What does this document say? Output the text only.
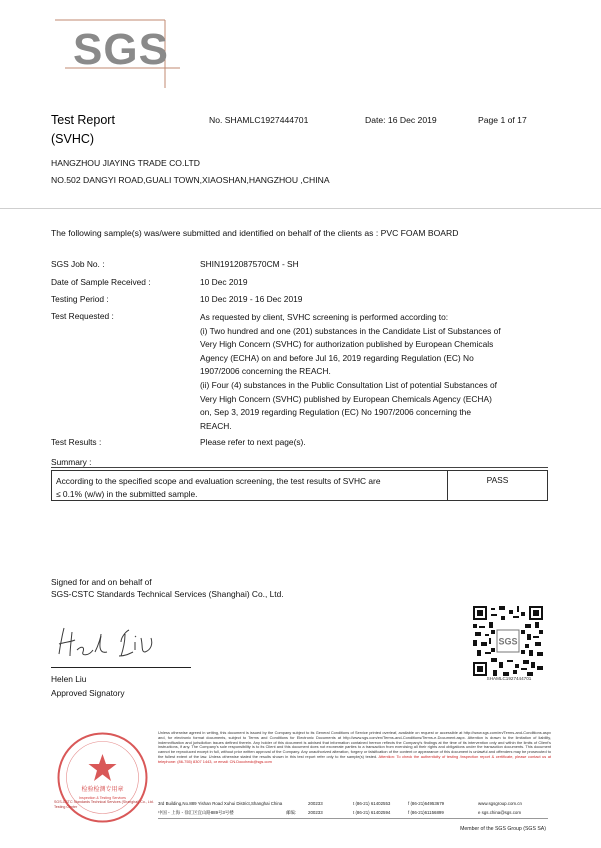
SGS
Test Report
(SVHC)
No. SHAMLC1927444701	Date: 16 Dec 2019	Page 1 of 17
HANGZHOU JIAYING TRADE CO.LTD
NO.502 DANGYI ROAD,GUALI TOWN,XIAOSHAN,HANGZHOU ,CHINA
The following sample(s) was/were submitted and identified on behalf of the clients as : PVC FOAM BOARD
SGS Job No. :	SHIN1912087570CM - SH
Date of Sample Received :	10 Dec 2019
Testing Period :	10 Dec 2019 - 16 Dec 2019
Test Requested :	As requested by client, SVHC screening is performed according to:
(i) Two hundred and one (201) substances in the Candidate List of Substances of
Very High Concern (SVHC) for authorization published by European Chemicals
Agency (ECHA) on and before Jul 16, 2019 regarding Regulation (EC) No
1907/2006 concerning the REACH.
(ii) Four (4) substances in the Public Consultation List of potential Substances of
Very High Concern (SVHC) published by European Chemicals Agency (ECHA)
on, Sep 3, 2019 regarding Regulation (EC) No 1907/2006 concerning the
REACH.
Test Results :	Please refer to next page(s).
Summary :
According to the specified scope and evaluation screening, the test results of SVHC are
≤ 0.1% (w/w) in the submitted sample.
PASS
Signed for and on behalf of
SGS-CSTC Standards Technical Services (Shanghai) Co., Ltd.
Helen Liu
Approved Signatory
SGS
SHAMLC1927444701
检验检测专用章
Inspection & Testing Services
SGS-CSTC Standards Technical Services (Shanghai) Co., Ltd.
Testing Center
Unless otherwise agreed in writing, this document is issued by the Company subject to its General Conditions of Service printed overleaf, available on request or accessible at http://www.sgs.com/en/Terms-and-Conditions.aspx and, for electronic format documents, subject to Terms and Conditions for Electronic Documents at http://www.sgs.com/en/Terms-and-Conditions/Terms-e-Document.aspx. Attention is drawn to the limitation of liability, indemnification and jurisdiction issues defined therein. Any holder of this document is advised that information contained hereon reflects the Company's findings at the time of its intervention only and within the limits of Client's instructions, if any. The Company's sole responsibility is to its Client and this document does not exonerate parties to a transaction from exercising all their rights and obligations under the transaction documents. This document cannot be reproduced except in full, without prior written approval of the Company. Any unauthorized alteration, forgery or falsification of the content or appearance of this document is unlawful and offenders may be prosecuted to the fullest extent of the law. Unless otherwise stated the results shown in this test report refer only to the sample(s) tested. Attention: To check the authenticity of testing /inspection report & certificate, please contact us at telephone: (86-755) 8307 1443, or email: CN.Doccheck@sgs.com
3rd Building,No.889 Yishan Road Xuhui District,Shanghai China	200233	t (86-21) 61402553	f (86-21)64953679	www.sgsgroup.com.cn
中国・上海・徐汇区宜山路889号3号楼	邮编:	200233	t (86-21) 61402594	f (86-21)61156899	e sgs.china@sgs.com
Member of the SGS Group (SGS SA)
